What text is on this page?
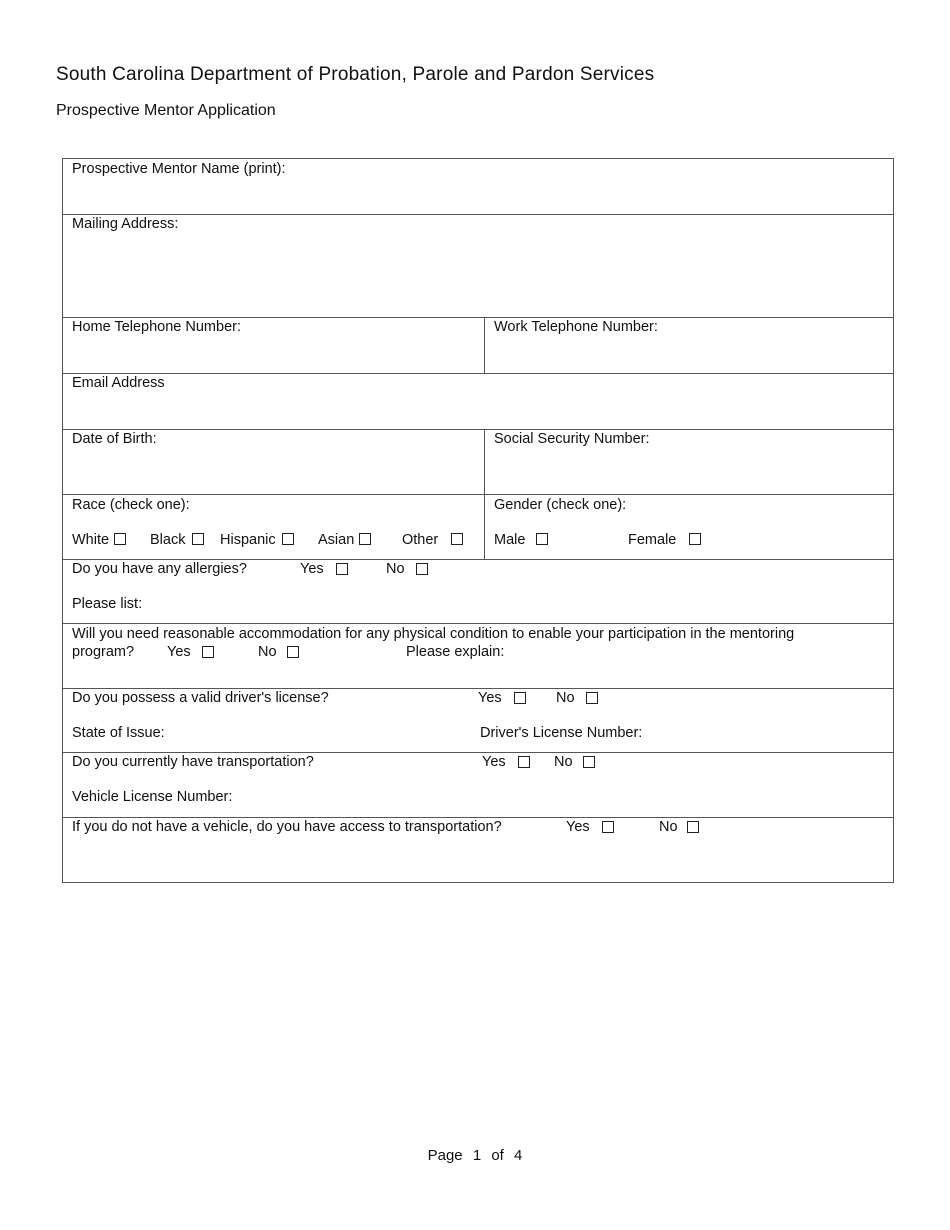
South Carolina Department of Probation, Parole and Pardon Services
Prospective Mentor Application
Prospective Mentor Name (print):
Mailing Address:
Home Telephone Number:	Work Telephone Number:
Email Address
Date of Birth:	Social Security Number:
Race (check one):
White	Black Hispanic	Asian	Other
Gender (check one):
Male	Female
Do you have any allergies?	Yes	No
Please list:
Will you need reasonable accommodation for any physical condition to enable your participation in the mentoring
program? Yes	No	Please explain:
Do you possess a valid driver's license?	Yes	No
State of Issue:	Driver's License Number:
Do you currently have transportation?	Yes	No
Vehicle License Number:
If you do not have a vehicle, do you have access to transportation?	Yes	No
Page 1 of 4
